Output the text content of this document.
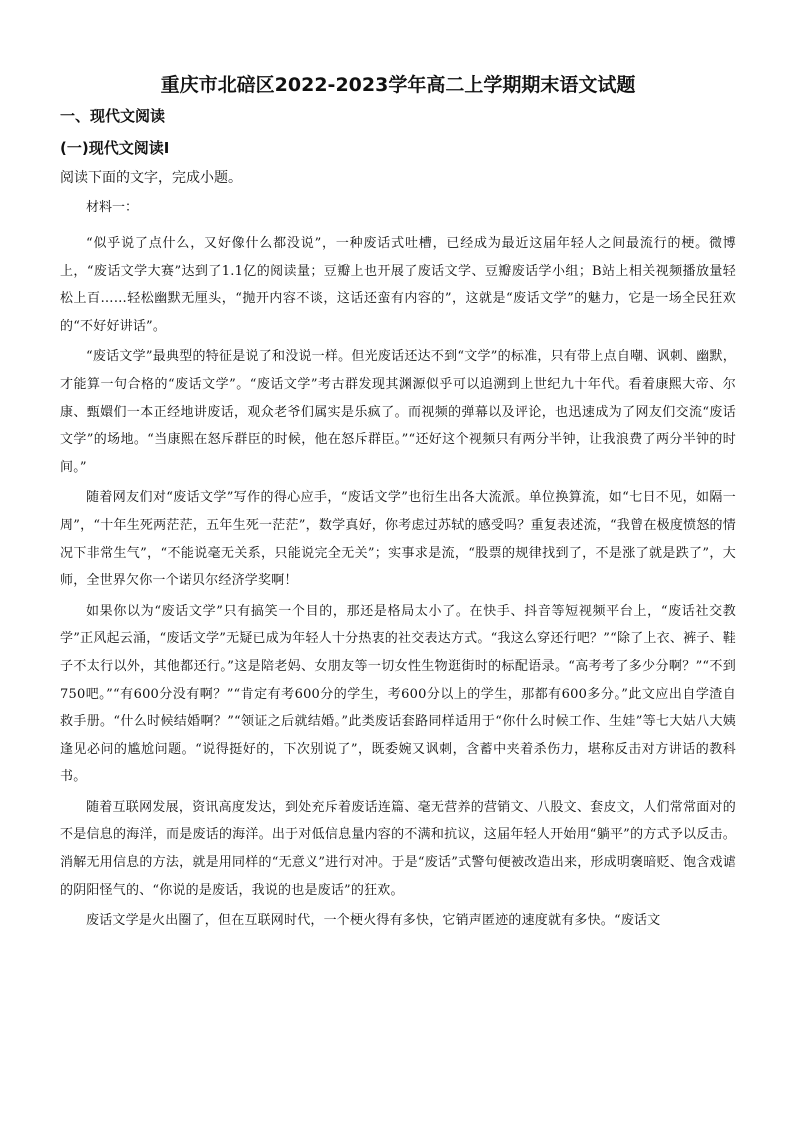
重庆市北碚区2022-2023学年高二上学期期末语文试题
一、现代文阅读
(一)现代文阅读Ⅰ
阅读下面的文字，完成小题。
材料一：

“似乎说了点什么，又好像什么都没说”，一种废话式吐槽，已经成为最近这届年轻人之间最流行的梗。微博上，“废话文学大赛”达到了1.1亿的阅读量；豆瓣上也开展了废话文学、豆瓣废话学小组；B站上相关视频播放量轻松上百……轻松幽默无厘头，“抛开内容不谈，这话还蛮有内容的”，这就是“废话文学”的魅力，它是一场全民狂欢的“不好好讲话”。

“废话文学”最典型的特征是说了和没说一样。但光废话还达不到“文学”的标准，只有带上点自嘲、讽刺、幽默，才能算一句合格的“废话文学”。“废话文学”考古群发现其渊源似乎可以追溯到上世纪九十年代。看着康熙大帝、尔康、甄嬛们一本正经地讲废话，观众老爷们属实是乐疯了。而视频的弹幕以及评论，也迅速成为了网友们交流“废话文学”的场地。“当康熙在怒斥群臣的时候，他在怒斥群臣。”“还好这个视频只有两分半钟，让我浪费了两分半钟的时间。”

随着网友们对“废话文学”写作的得心应手，“废话文学”也衍生出各大流派。单位换算流，如“七日不见，如隔一周”，“十年生死两茫茫，五年生死一茫茫”，数学真好，你考虑过苏轼的感受吗？重复表述流，“我曾在极度愤怒的情况下非常生气”，“不能说毫无关系，只能说完全无关”；实事求是流，“股票的规律找到了，不是涨了就是跌了”，大师，全世界欠你一个诺贝尔经济学奖啊！

如果你以为“废话文学”只有搞笑一个目的，那还是格局太小了。在快手、抖音等短视频平台上，“废话社交教学”正风起云涌，“废话文学”无疑已成为年轻人十分热衷的社交表达方式。“我这么穿还行吧？”“除了上衣、裤子、鞋子不太行以外，其他都还行。”这是陪老妈、女朋友等一切女性生物逛街时的标配语录。“高考考了多少分啊？”“不到750吧。”“有600分没有啊？”“肯定有考600分的学生，考600分以上的学生，那都有600多分。”此文应出自学渣自救手册。“什么时候结婚啊？”“领证之后就结婚。”此类废话套路同样适用于“你什么时候工作、生娃”等七大姑八大姨逢见必问的尴尬问题。“说得挺好的，下次别说了”，既委婉又讽刺，含蓄中夹着杀伤力，堪称反击对方讲话的教科书。

随着互联网发展，资讯高度发达，到处充斥着废话连篇、毫无营养的营销文、八股文、套皮文，人们常常面对的不是信息的海洋，而是废话的海洋。出于对低信息量内容的不满和抗议，这届年轻人开始用“躺平”的方式予以反击。消解无用信息的方法，就是用同样的“无意义”进行对冲。于是“废话”式警句便被改造出来，形成明褒暗贬、饱含戏谑的阴阳怪气的、“你说的是废话，我说的也是废话”的狂欢。

废话文学是火出圈了，但在互联网时代，一个梗火得有多快，它销声匿迹的速度就有多快。“废话文
